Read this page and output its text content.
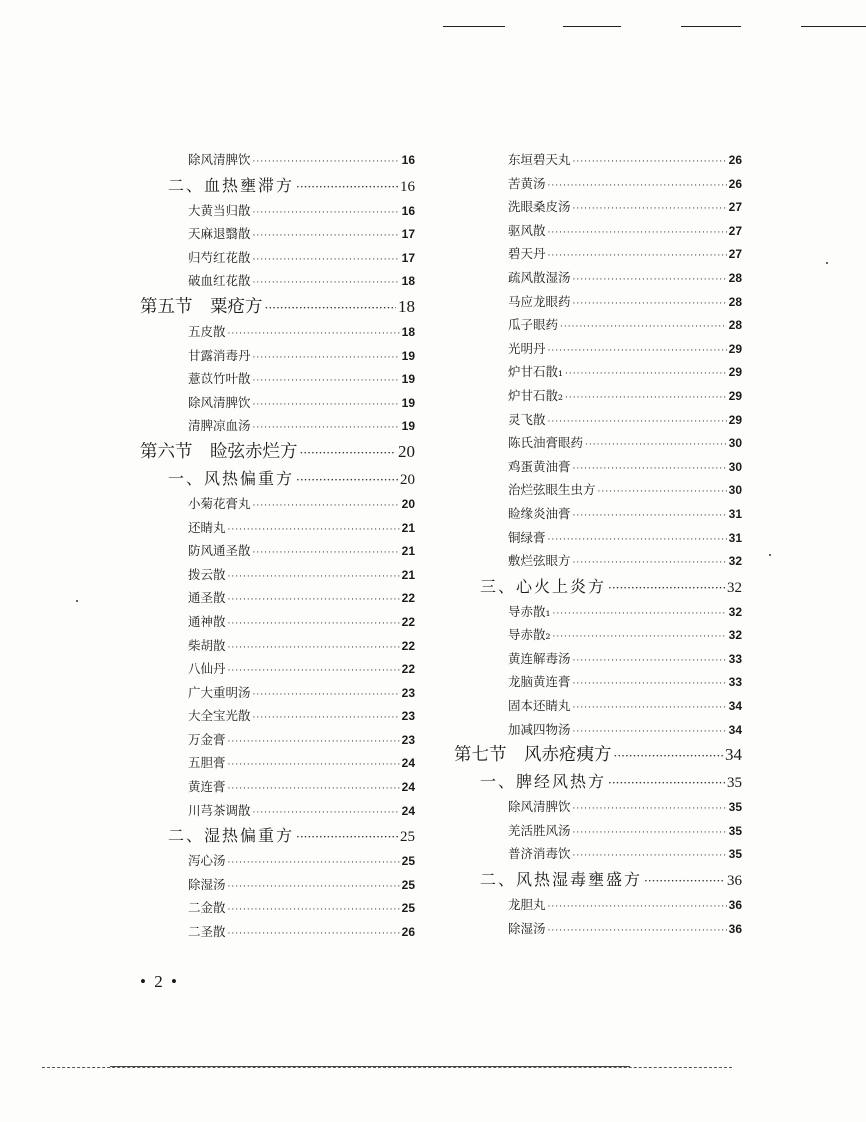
除风清脾饮 ·····	16
二、血热壅滞方 ·····	16
大黄当归散 ·····	16
天麻退翳散 ·····	17
归芍红花散 ·····	17
破血红花散 ·····	18
第五节　粟疮方 ·····	18
五皮散 ·····	18
甘露消毒丹 ·····	19
薏苡竹叶散 ·····	19
除风清脾饮 ·····	19
清脾凉血汤 ·····	19
第六节　睑弦赤烂方 ·····	20
一、风热偏重方 ·····	20
小菊花膏丸 ·····	20
还睛丸 ·····	21
防风通圣散 ·····	21
拨云散 ·····	21
通圣散 ·····	22
通神散 ·····	22
柴胡散 ·····	22
八仙丹 ·····	22
广大重明汤 ·····	23
大全宝光散 ·····	23
万金膏 ·····	23
五胆膏 ·····	24
黄连膏 ·····	24
川芎茶调散 ·····	24
二、湿热偏重方 ·····	25
泻心汤 ·····	25
除湿汤 ·····	25
二金散 ·····	25
二圣散 ·····	26
东垣碧天丸 ·····	26
苦黄汤 ·····	26
洗眼桑皮汤 ·····	27
驱风散 ·····	27
碧天丹 ·····	27
疏风散湿汤 ·····	28
马应龙眼药 ·····	28
瓜子眼药 ·····	28
光明丹 ·····	29
炉甘石散₁ ·····	29
炉甘石散₂ ·····	29
灵飞散 ·····	29
陈氏油膏眼药 ·····	30
鸡蛋黄油膏 ·····	30
治烂弦眼生虫方 ·····	30
睑缘炎油膏 ·····	31
铜绿膏 ·····	31
敷烂弦眼方 ·····	32
三、心火上炎方 ·····	32
导赤散₁ ·····	32
导赤散₂ ·····	32
黄连解毒汤 ·····	33
龙脑黄连膏 ·····	33
固本还睛丸 ·····	34
加减四物汤 ·····	34
第七节　风赤疮痍方 ·····	34
一、脾经风热方 ·····	35
除风清脾饮 ·····	35
羌活胜风汤 ·····	35
普济消毒饮 ·····	35
二、风热湿毒壅盛方 ·····	36
龙胆丸 ·····	36
除湿汤 ·····	36
• 2 •
